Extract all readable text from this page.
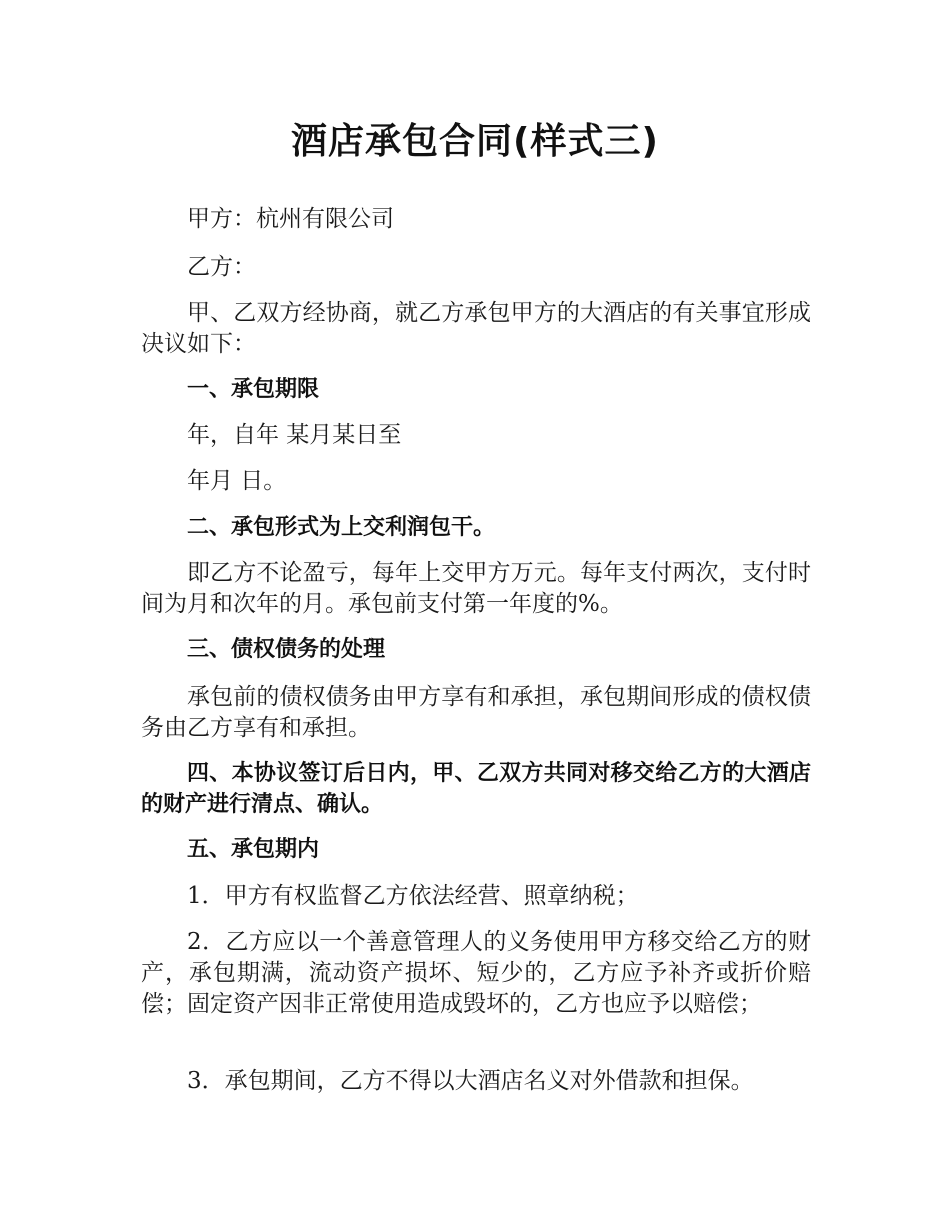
酒店承包合同(样式三)

甲方：杭州有限公司

乙方：

甲、乙双方经协商，就乙方承包甲方的大酒店的有关事宜形成决议如下：

一、承包期限

年，自年 某月某日至

年月 日。

二、承包形式为上交利润包干。

即乙方不论盈亏，每年上交甲方万元。每年支付两次，支付时间为月和次年的月。承包前支付第一年度的%。

三、债权债务的处理

承包前的债权债务由甲方享有和承担，承包期间形成的债权债务由乙方享有和承担。

四、本协议签订后日内，甲、乙双方共同对移交给乙方的大酒店的财产进行清点、确认。

五、承包期内

1．甲方有权监督乙方依法经营、照章纳税；

2．乙方应以一个善意管理人的义务使用甲方移交给乙方的财产，承包期满，流动资产损坏、短少的，乙方应予补齐或折价赔偿；固定资产因非正常使用造成毁坏的，乙方也应予以赔偿；

3．承包期间，乙方不得以大酒店名义对外借款和担保。
